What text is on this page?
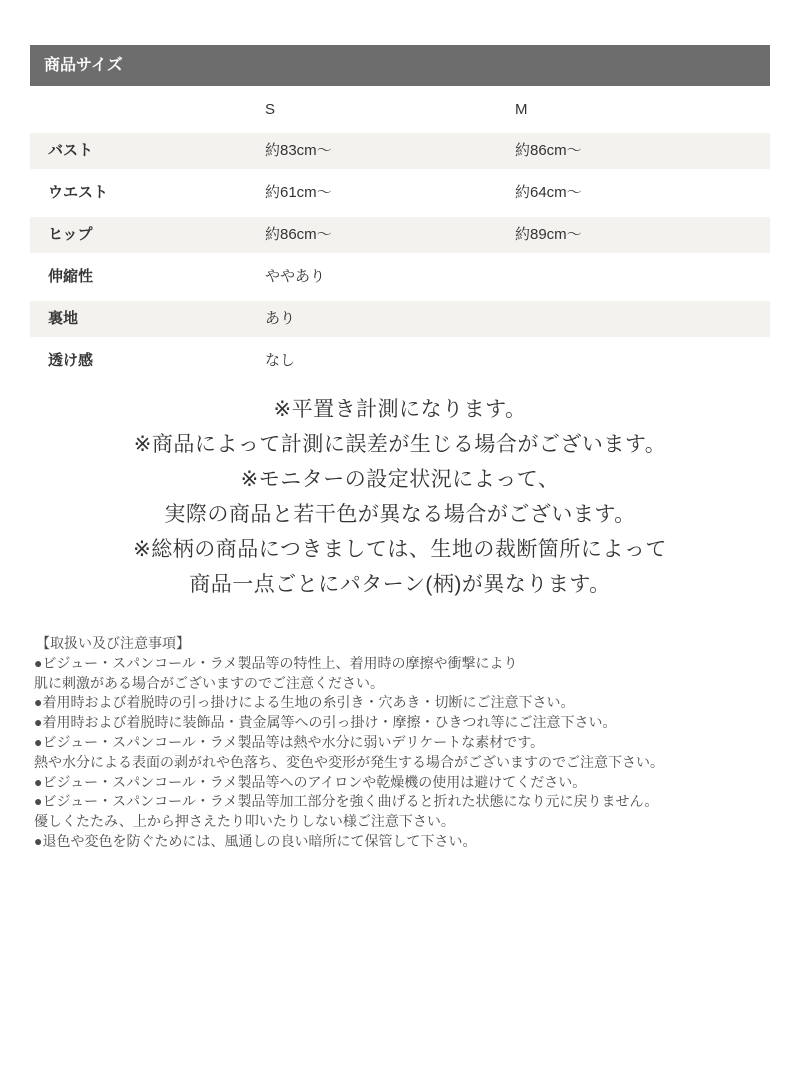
商品サイズ
S	M
バスト	約83cm～	約86cm～
ウエスト	約61cm～	約64cm～
ヒップ	約86cm～	約89cm～
伸縮性	ややあり
裏地	あり
透け感	なし
※平置き計測になります。
※商品によって計測に誤差が生じる場合がございます。
※モニターの設定状況によって、
実際の商品と若干色が異なる場合がございます。
※総柄の商品につきましては、生地の裁断箇所によって
商品一点ごとにパターン(柄)が異なります。
【取扱い及び注意事項】
●ビジュー・スパンコール・ラメ製品等の特性上、着用時の摩擦や衝撃により
肌に刺激がある場合がございますのでご注意ください。
●着用時および着脱時の引っ掛けによる生地の糸引き・穴あき・切断にご注意下さい。
●着用時および着脱時に装飾品・貴金属等への引っ掛け・摩擦・ひきつれ等にご注意下さい。
●ビジュー・スパンコール・ラメ製品等は熱や水分に弱いデリケートな素材です。
熱や水分による表面の剥がれや色落ち、変色や変形が発生する場合がございますのでご注意下さい。
●ビジュー・スパンコール・ラメ製品等へのアイロンや乾燥機の使用は避けてください。
●ビジュー・スパンコール・ラメ製品等加工部分を強く曲げると折れた状態になり元に戻りません。
優しくたたみ、上から押さえたり叩いたりしない様ご注意下さい。
●退色や変色を防ぐためには、風通しの良い暗所にて保管して下さい。
